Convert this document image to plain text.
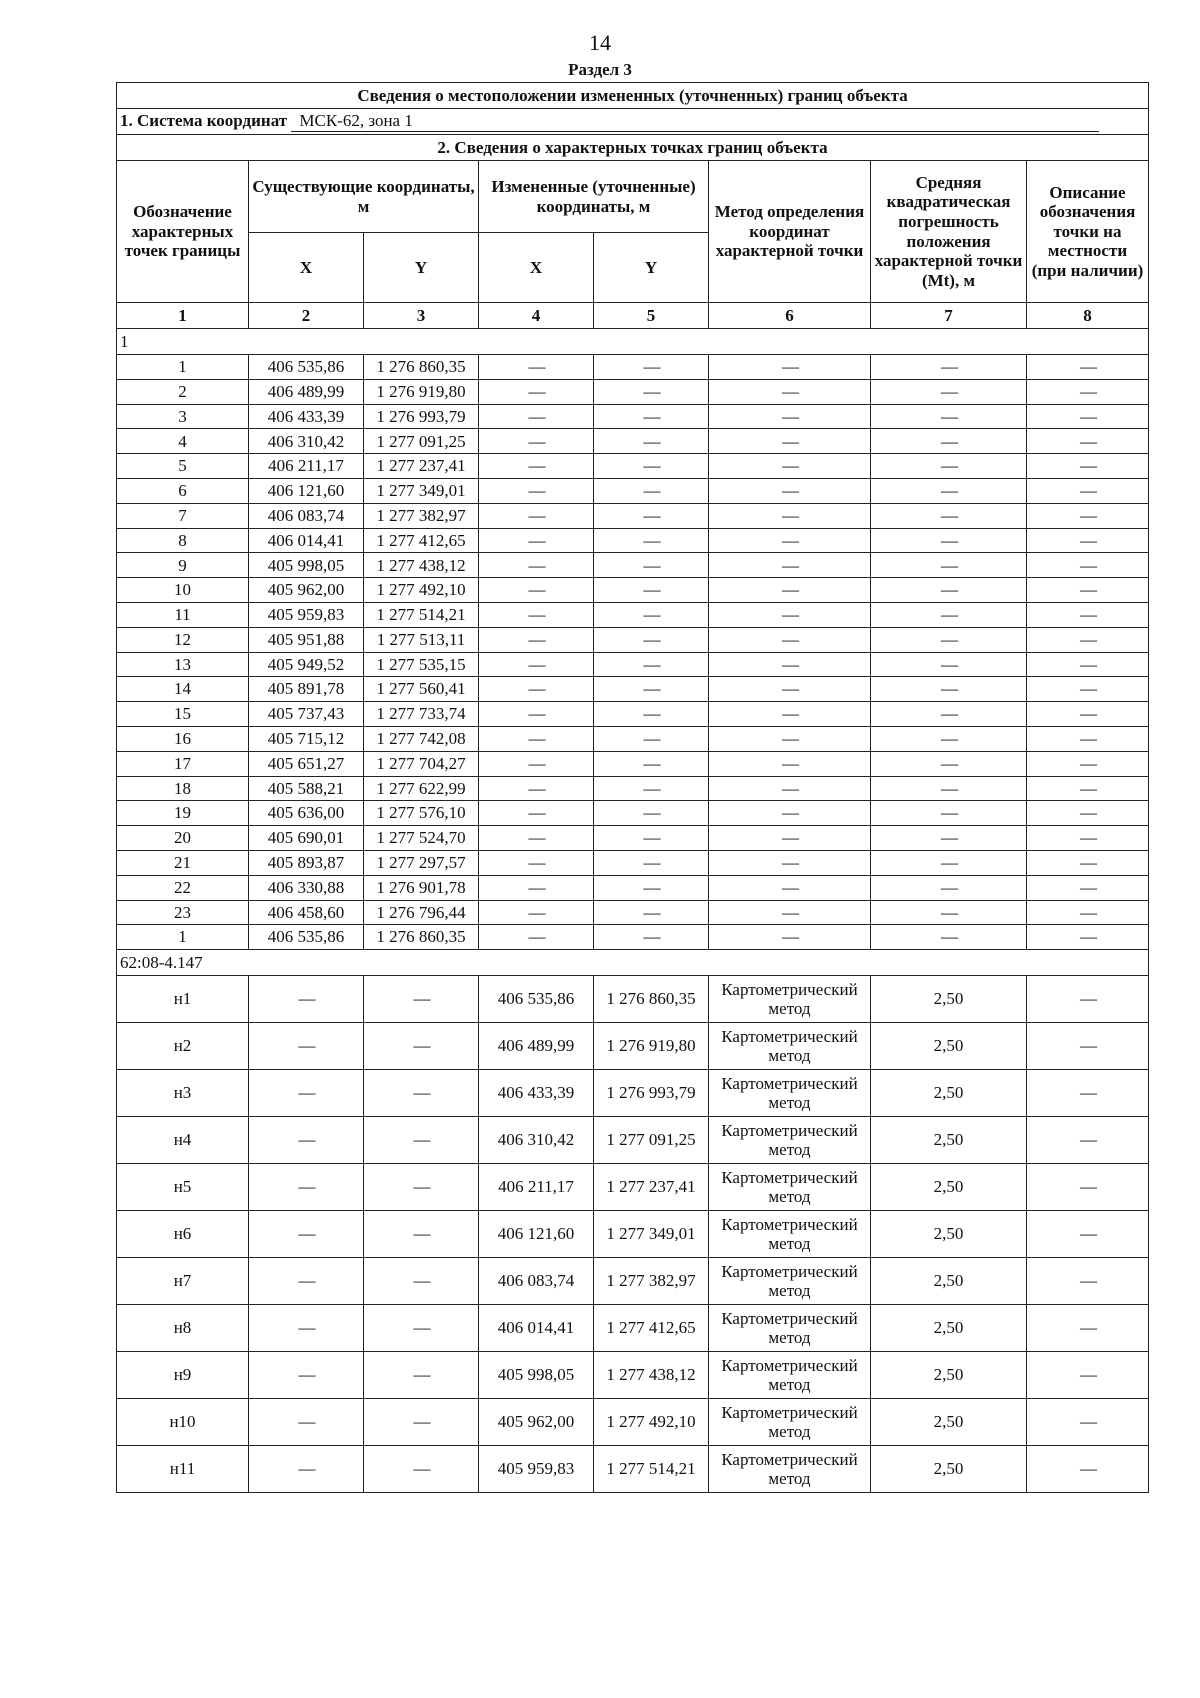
14
Раздел 3
Сведения о местоположении измененных (уточненных) границ объекта							
1. Система координат МСК-62, зона 1							
2. Сведения о характерных точках границ объекта							
Обозначение характерных точек границы	Существующие координаты, м		Измененные (уточненные) координаты, м		Метод определения координат характерной точки	Средняя квадратическая погрешность положения характерной точки (Mt), м	Описание обозначения точки на местности (при наличии)
	X	Y	X	Y			
1	2	3	4	5	6	7	8
1							
1	406 535,86	1 276 860,35	—	—	—	—	—
2	406 489,99	1 276 919,80	—	—	—	—	—
3	406 433,39	1 276 993,79	—	—	—	—	—
4	406 310,42	1 277 091,25	—	—	—	—	—
5	406 211,17	1 277 237,41	—	—	—	—	—
6	406 121,60	1 277 349,01	—	—	—	—	—
7	406 083,74	1 277 382,97	—	—	—	—	—
8	406 014,41	1 277 412,65	—	—	—	—	—
9	405 998,05	1 277 438,12	—	—	—	—	—
10	405 962,00	1 277 492,10	—	—	—	—	—
11	405 959,83	1 277 514,21	—	—	—	—	—
12	405 951,88	1 277 513,11	—	—	—	—	—
13	405 949,52	1 277 535,15	—	—	—	—	—
14	405 891,78	1 277 560,41	—	—	—	—	—
15	405 737,43	1 277 733,74	—	—	—	—	—
16	405 715,12	1 277 742,08	—	—	—	—	—
17	405 651,27	1 277 704,27	—	—	—	—	—
18	405 588,21	1 277 622,99	—	—	—	—	—
19	405 636,00	1 277 576,10	—	—	—	—	—
20	405 690,01	1 277 524,70	—	—	—	—	—
21	405 893,87	1 277 297,57	—	—	—	—	—
22	406 330,88	1 276 901,78	—	—	—	—	—
23	406 458,60	1 276 796,44	—	—	—	—	—
1	406 535,86	1 276 860,35	—	—	—	—	—
62:08-4.147							
н1	—	—	406 535,86	1 276 860,35	Картометрический метод	2,50	—
н2	—	—	406 489,99	1 276 919,80	Картометрический метод	2,50	—
н3	—	—	406 433,39	1 276 993,79	Картометрический метод	2,50	—
н4	—	—	406 310,42	1 277 091,25	Картометрический метод	2,50	—
н5	—	—	406 211,17	1 277 237,41	Картометрический метод	2,50	—
н6	—	—	406 121,60	1 277 349,01	Картометрический метод	2,50	—
н7	—	—	406 083,74	1 277 382,97	Картометрический метод	2,50	—
н8	—	—	406 014,41	1 277 412,65	Картометрический метод	2,50	—
н9	—	—	405 998,05	1 277 438,12	Картометрический метод	2,50	—
н10	—	—	405 962,00	1 277 492,10	Картометрический метод	2,50	—
н11	—	—	405 959,83	1 277 514,21	Картометрический метод	2,50	—
